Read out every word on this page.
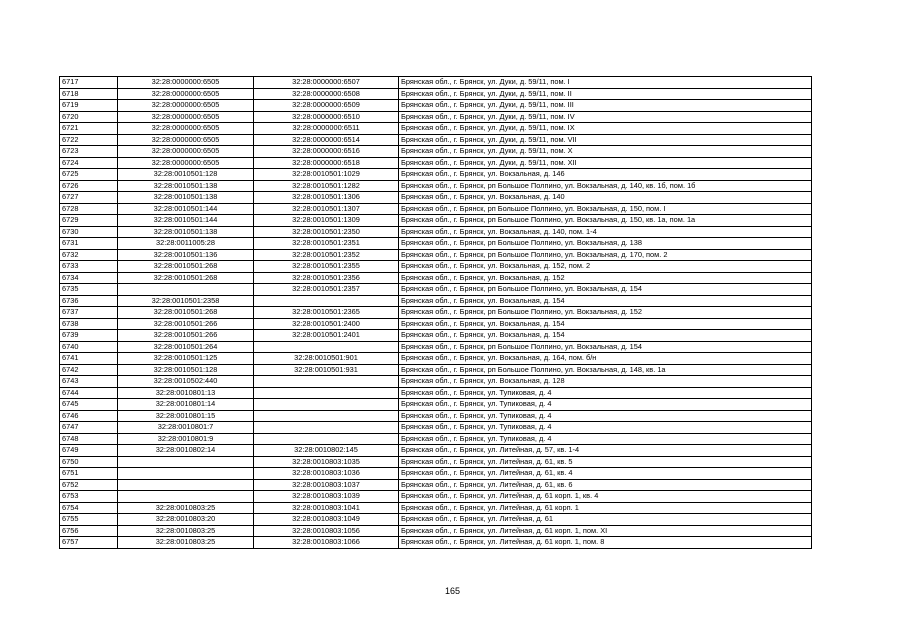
6717	32:28:0000000:6505	32:28:0000000:6507	Брянская обл., г. Брянск, ул. Дуки, д. 59/11, пом. I
6718	32:28:0000000:6505	32:28:0000000:6508	Брянская обл., г. Брянск, ул. Дуки, д. 59/11, пом. II
6719	32:28:0000000:6505	32:28:0000000:6509	Брянская обл., г. Брянск, ул. Дуки, д. 59/11, пом. III
6720	32:28:0000000:6505	32:28:0000000:6510	Брянская обл., г. Брянск, ул. Дуки, д. 59/11, пом. IV
6721	32:28:0000000:6505	32:28:0000000:6511	Брянская обл., г. Брянск, ул. Дуки, д. 59/11, пом. IX
6722	32:28:0000000:6505	32:28:0000000:6514	Брянская обл., г. Брянск, ул. Дуки, д. 59/11, пом. VII
6723	32:28:0000000:6505	32:28:0000000:6516	Брянская обл., г. Брянск, ул. Дуки, д. 59/11, пом. X
6724	32:28:0000000:6505	32:28:0000000:6518	Брянская обл., г. Брянск, ул. Дуки, д. 59/11, пом. XII
6725	32:28:0010501:128	32:28:0010501:1029	Брянская обл., г. Брянск, ул. Вокзальная, д. 146
6726	32:28:0010501:138	32:28:0010501:1282	Брянская обл., г. Брянск, рп Большое Полпино, ул. Вокзальная, д. 140, кв. 1б, пом. 1б
6727	32:28:0010501:138	32:28:0010501:1306	Брянская обл., г. Брянск, ул. Вокзальная, д. 140
6728	32:28:0010501:144	32:28:0010501:1307	Брянская обл., г. Брянск, рп Большое Полпино, ул. Вокзальная, д. 150, пом. I
6729	32:28:0010501:144	32:28:0010501:1309	Брянская обл., г. Брянск, рп Большое Полпино, ул. Вокзальная, д. 150, кв. 1а, пом. 1а
6730	32:28:0010501:138	32:28:0010501:2350	Брянская обл., г. Брянск, ул. Вокзальная, д. 140, пом. 1-4
6731	32:28:0011005:28	32:28:0010501:2351	Брянская обл., г. Брянск, рп Большое Полпино, ул. Вокзальная, д. 138
6732	32:28:0010501:136	32:28:0010501:2352	Брянская обл., г. Брянск, рп Большое Полпино, ул. Вокзальная, д. 170, пом. 2
6733	32:28:0010501:268	32:28:0010501:2355	Брянская обл., г. Брянск, ул. Вокзальная, д. 152, пом. 2
6734	32:28:0010501:268	32:28:0010501:2356	Брянская обл., г. Брянск, ул. Вокзальная, д. 152
6735		32:28:0010501:2357	Брянская обл., г. Брянск, рп Большое Полпино, ул. Вокзальная, д. 154
6736	32:28:0010501:2358		Брянская обл., г. Брянск, ул. Вокзальная, д. 154
6737	32:28:0010501:268	32:28:0010501:2365	Брянская обл., г. Брянск, рп Большое Полпино, ул. Вокзальная, д. 152
6738	32:28:0010501:266	32:28:0010501:2400	Брянская обл., г. Брянск, ул. Вокзальная, д. 154
6739	32:28:0010501:266	32:28:0010501:2401	Брянская обл., г. Брянск, ул. Вокзальная, д. 154
6740	32:28:0010501:264		Брянская обл., г. Брянск, рп Большое Полпино, ул. Вокзальная, д. 154
6741	32:28:0010501:125	32:28:0010501:901	Брянская обл., г. Брянск, ул. Вокзальная, д. 164, пом. б/н
6742	32:28:0010501:128	32:28:0010501:931	Брянская обл., г. Брянск, рп Большое Полпино, ул. Вокзальная, д. 148, кв. 1а
6743	32:28:0010502:440		Брянская обл., г. Брянск, ул. Вокзальная, д. 128
6744	32:28:0010801:13		Брянская обл., г. Брянск, ул. Тупиковая, д. 4
6745	32:28:0010801:14		Брянская обл., г. Брянск, ул. Тупиковая, д. 4
6746	32:28:0010801:15		Брянская обл., г. Брянск, ул. Тупиковая, д. 4
6747	32:28:0010801:7		Брянская обл., г. Брянск, ул. Тупиковая, д. 4
6748	32:28:0010801:9		Брянская обл., г. Брянск, ул. Тупиковая, д. 4
6749	32:28:0010802:14	32:28:0010802:145	Брянская обл., г. Брянск, ул. Литейная, д. 57, кв. 1-4
6750		32:28:0010803:1035	Брянская обл., г. Брянск, ул. Литейная, д. 61, кв. 5
6751		32:28:0010803:1036	Брянская обл., г. Брянск, ул. Литейная, д. 61, кв. 4
6752		32:28:0010803:1037	Брянская обл., г. Брянск, ул. Литейная, д. 61, кв. 6
6753		32:28:0010803:1039	Брянская обл., г. Брянск, ул. Литейная, д. 61 корп. 1, кв. 4
6754	32:28:0010803:25	32:28:0010803:1041	Брянская обл., г. Брянск, ул. Литейная, д. 61 корп. 1
6755	32:28:0010803:20	32:28:0010803:1049	Брянская обл., г. Брянск, ул. Литейная, д. 61
6756	32:28:0010803:25	32:28:0010803:1056	Брянская обл., г. Брянск, ул. Литейная, д. 61 корп. 1, пом. XI
6757	32:28:0010803:25	32:28:0010803:1066	Брянская обл., г. Брянск, ул. Литейная, д. 61 корп. 1, пом. 8
165
